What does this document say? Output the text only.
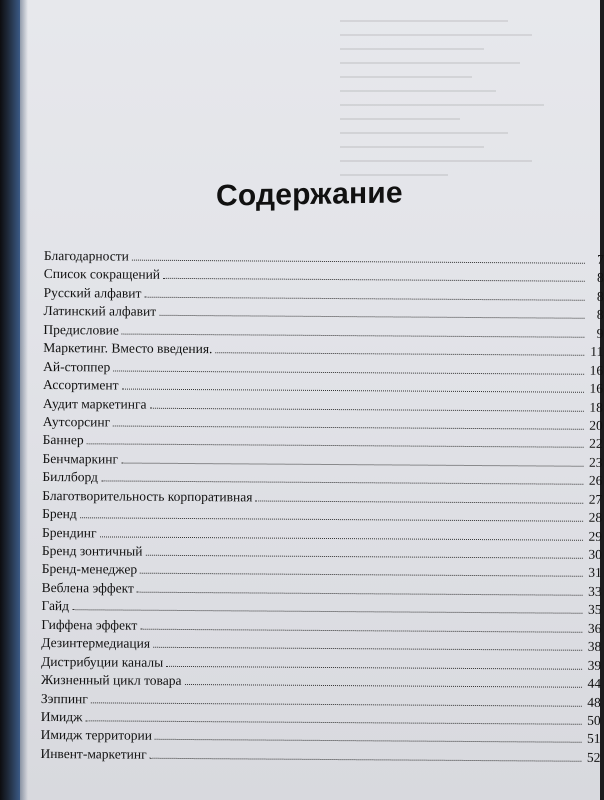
Содержание
Благодарности	7
Список сокращений	8
Русский алфавит	8
Латинский алфавит	8
Предисловие	9
Маркетинг. Вместо введения.	11
Ай-стоппер	16
Ассортимент	16
Аудит маркетинга	18
Аутсорсинг	20
Баннер	22
Бенчмаркинг	23
Биллборд	26
Благотворительность корпоративная	27
Бренд	28
Брендинг	29
Бренд зонтичный	30
Бренд-менеджер	31
Веблена эффект	33
Гайд	35
Гиффена эффект	36
Дезинтермедиация	38
Дистрибуции каналы	39
Жизненный цикл товара	44
Зэппинг	48
Имидж	50
Имидж территории	51
Инвент-маркетинг	52
